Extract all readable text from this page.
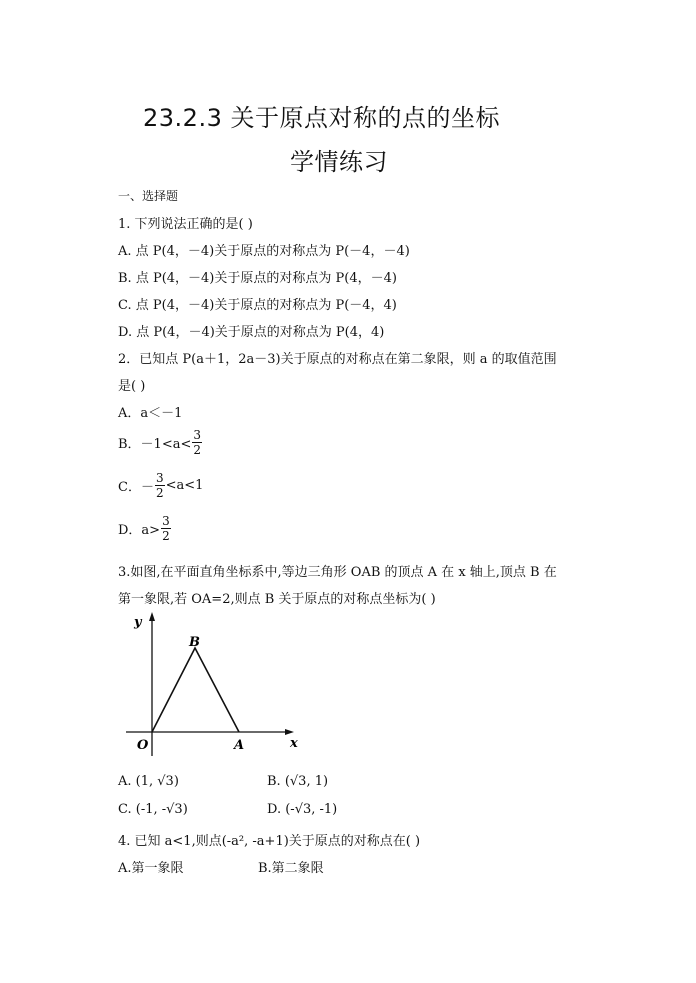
23.2.3 关于原点对称的点的坐标
学情练习
一、选择题
1. 下列说法正确的是( )
A. 点 P(4，－4)关于原点的对称点为 P(－4，－4)
B. 点 P(4，－4)关于原点的对称点为 P(4，－4)
C. 点 P(4，－4)关于原点的对称点为 P(－4，4)
D. 点 P(4，－4)关于原点的对称点为 P(4，4)
2．已知点 P(a＋1，2a－3)关于原点的对称点在第二象限，则 a 的取值范围
是( )
A．a＜－1
B．$-1<a< \frac{3}{2}$
C．－ $\frac{3}{2} <a<1$
D．$a> \frac{3}{2}$
3.如图,在平面直角坐标系中,等边三角形 OAB 的顶点 A 在 x 轴上,顶点 B 在
第一象限,若 OA=2,则点 B 关于原点的对称点坐标为( )
y
x
O	A
B
A. (1, √3)	B. (√3, 1)
C. (-1, -√3)	D. (-√3, -1)
4. 已知 a<1,则点(-a², -a+1)关于原点的对称点在( )
A.第一象限	B.第二象限
